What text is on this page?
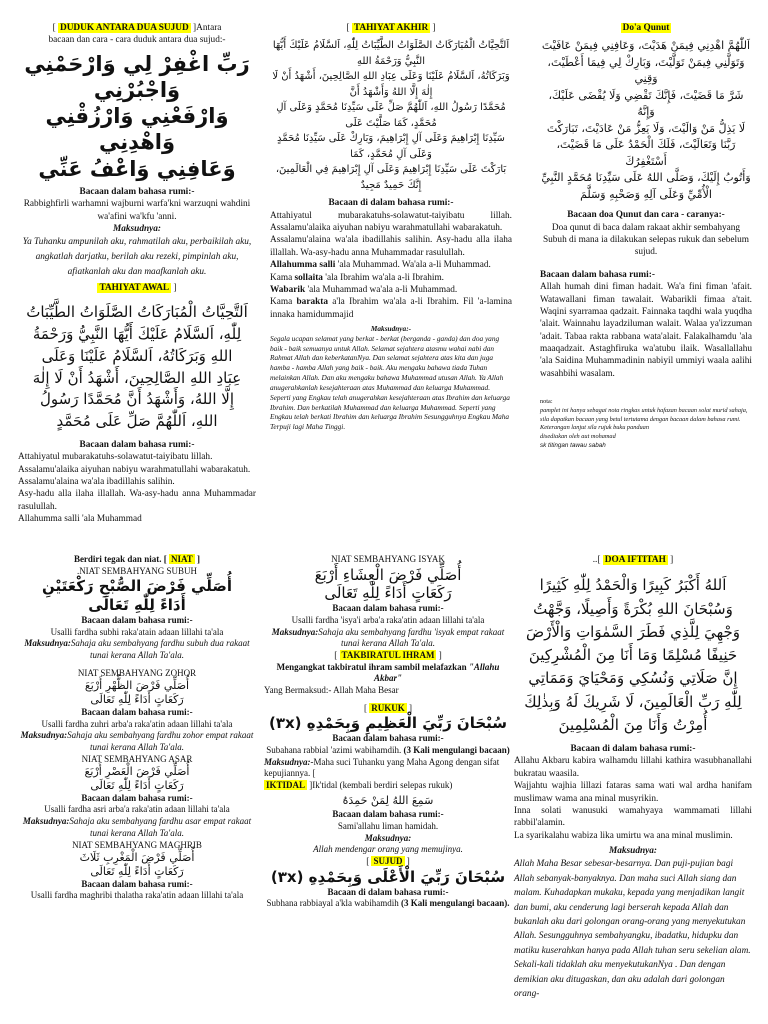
[ DUDUK ANTARA DUA SUJUD ]Antara

bacaan dan cara - cara duduk antara dua sujud:-

رَبِّ اغْفِرْ لِي وَارْحَمْنِي وَاجْبُرْنِي

وَارْفَعْنِي وَارْزُقْنِي وَاهْدِنِي

وَعَافِنِي وَاعْفُ عَنِّي

Bacaan dalam bahasa rumi:-

Rabbighfirli warhamni wajburni warfa'kni warzuqni wahdini wa'afini wa'kfu 'anni.

Maksudnya:

Ya Tuhanku ampunilah aku, rahmatilah aku, perbaikilah aku, angkatlah darjatku, berilah aku rezeki, pimpinlah aku, afiatkanlah aku dan maafkanlah aku.

TAHIYAT AWAL ]

اَلتَّحِيَّاتُ الْمُبَارَكَاتُ الصَّلَوَاتُ الطَّيِّبَاتُ

لِلّٰهِ، اَلسَّلَامُ عَلَيْكَ أَيُّهَا النَّبِيُّ وَرَحْمَةُ

اللهِ وَبَرَكَاتُهُ، اَلسَّلَامُ عَلَيْنَا وَعَلَى

عِبَادِ اللهِ الصَّالِحِينَ، أَشْهَدُ أَنْ لَا إِلٰهَ

إِلَّا اللهُ، وَأَشْهَدُ أَنَّ مُحَمَّدًا رَسُولُ

اللهِ، اَللّٰهُمَّ صَلِّ عَلَى مُحَمَّدٍ

Bacaan dalam bahasa rumi:-

Attahiyatul mubarakatuhs-solawatut-taiyibatu lillah.

Assalamu'alaika aiyuhan nabiyu warahmatullahi wabarakatuh.

Assalamu'alaina wa'ala ibadillahis salihin.

Asy-hadu alla ilaha illallah. Wa-asy-hadu anna Muhammadar rasulullah.

Allahumma salli 'ala Muhammad

[ TAHIYAT AKHIR ]

اَلتَّحِيَّاتُ الْمُبَارَكَاتُ الصَّلَوَاتُ الطَّيِّبَاتُ لِلّٰهِ، اَلسَّلَامُ عَلَيْكَ أَيُّهَا النَّبِيُّ وَرَحْمَةُ اللهِ

وَبَرَكَاتُهُ، اَلسَّلَامُ عَلَيْنَا وَعَلَى عِبَادِ اللهِ الصَّالِحِينَ، أَشْهَدُ أَنْ لَا إِلٰهَ إِلَّا اللهُ وَأَشْهَدُ أَنَّ

مُحَمَّدًا رَسُولُ اللهِ، اَللّٰهُمَّ صَلِّ عَلَى سَيِّدِنَا مُحَمَّدٍ وَعَلَى آلِ مُحَمَّدٍ، كَمَا صَلَّيْتَ عَلَى

سَيِّدِنَا إِبْرَاهِيمَ وَعَلَى آلِ إِبْرَاهِيمَ، وَبَارِكْ عَلَى سَيِّدِنَا مُحَمَّدٍ وَعَلَى آلِ مُحَمَّدٍ، كَمَا

بَارَكْتَ عَلَى سَيِّدِنَا إِبْرَاهِيمَ وَعَلَى آلِ إِبْرَاهِيمَ فِي الْعَالَمِينَ، إِنَّكَ حَمِيدٌ مَجِيدٌ

Bacaan di dalam bahasa rumi:-

Attahiyatul mubarakatuhs-solawatut-taiyibatu lillah. Assalamu'alaika aiyuhan nabiyu warahmatullahi wabarakatuh.

Assalamu'alaina wa'ala ibadillahis salihin. Asy-hadu alla ilaha illallah. Wa-asy-hadu anna Muhammadar rasulullah.

Allahumma salli 'ala Muhammad. Wa'ala a-li Muhammad.

Kama sollaita 'ala Ibrahim wa'ala a-li Ibrahim.

Wabarik 'ala Muhammad wa'ala a-li Muhammad.

Kama barakta a'la Ibrahim wa'ala a-li Ibrahim. Fil 'a-lamina innaka hamidummajid

Maksudnya:-

Segala ucapan selamat yang berkat - berkat (berganda - ganda) dan doa yang baik - baik semuanya untuk Allah. Selamat sejahtera atasmu wahai nabi dan Rahmat Allah dan keberkatanNya. Dan selamat sejahtera atas kita dan juga hamba - hamba Allah yang baik - baik. Aku mengaku bahawa tiada Tuhan melainkan Allah. Dan aku mengaku bahawa Muhammad utusan Allah. Ya Allah anugerahkanlah kesejahteraan atas Muhammad dan keluarga Muhammad. Seperti yang Engkau telah anugerahkan kesejahteraan atas Ibrahim dan keluarga Ibrahim. Dan berkatilah Muhammad dan keluarga Muhammad. Seperti yang Engkau telah berkati Ibrahim dan keluarga Ibrahim Sesungguhnya Engkau Maha Terpuji lagi Maha Tinggi.

Do'a Qunut

اَللّٰهُمَّ اهْدِنِي فِيمَنْ هَدَيْتَ، وَعَافِنِي فِيمَنْ عَافَيْتَ

وَتَوَلَّنِي فِيمَنْ تَوَلَّيْتَ، وَبَارِكْ لِي فِيمَا أَعْطَيْتَ، وَقِنِي

شَرَّ مَا قَضَيْتَ، فَإِنَّكَ تَقْضِي وَلَا يُقْضَى عَلَيْكَ، وَإِنَّهُ

لَا يَذِلُّ مَنْ وَالَيْتَ، وَلَا يَعِزُّ مَنْ عَادَيْتَ، تَبَارَكْتَ

رَبَّنَا وَتَعَالَيْتَ، فَلَكَ الْحَمْدُ عَلَى مَا قَضَيْتَ، أَسْتَغْفِرُكَ

وَأَتُوبُ إِلَيْكَ، وَصَلَّى اللهُ عَلَى سَيِّدِنَا مُحَمَّدٍ النَّبِيِّ

الْأُمِّيِّ وَعَلَى آلِهِ وَصَحْبِهِ وَسَلَّمَ

Bacaan doa Qunut dan cara - caranya:-

Doa qunut di baca dalam rakaat akhir sembahyang Subuh di mana ia dilakukan selepas rukuk dan sebelum sujud.

Bacaan dalam bahasa rumi:-

Allah humah dini fiman hadait. Wa'a fini fiman 'afait. Watawallani fiman tawalait. Wabarikli fimaa a'tait. Waqini syarramaa qadzait. Fainnaka taqdhi wala yuqdha 'alait. Wainnahu layadziluman walait. Walaa ya'izzuman 'adait. Tabaa rakta rabbana wata'alait. Falakalhamdu 'ala maaqadzait. Astaghfiruka wa'atubu ilaik. Wasallallahu 'ala Saidina Muhammadinin nabiyil ummiyi waala aalihi wasahbihi wasalam.

nota:

pamplet ini hanya sebagai nota ringkas untuk hafazan bacaan solat murid sahaja, sila dapatkan bacaan yang betul tertutama dengan bacaan dalam bahasa rumi. Keterangan lanjut sila rujuk buku panduan

disediakan oleh aut mohamad

sk titingan tawau sabah

Berdiri tegak dan niat. [ NIAT ]

.NIAT SEMBAHYANG SUBUH

أُصَلِّي فَرْضَ الصُّبْحِ رَكْعَتَيْنِ

أَدَاءً لِلّٰهِ تَعَالَى

Bacaan dalam bahasa rumi:-

Usalli fardha subhi raka'atain adaan lillahi ta'ala

Maksudnya:Sahaja aku sembahyang fardhu subuh dua rakaat tunai kerana Allah Ta'ala.

NIAT SEMBAHYANG ZOHOR

أُصَلِّي فَرْضَ الظُّهْرِ أَرْبَعَ

رَكَعَاتٍ أَدَاءً لِلّٰهِ تَعَالَى

Bacaan dalam bahasa rumi:-

Usalli fardha zuhri arba'a raka'atin adaan lillahi ta'ala

Maksudnya:Sahaja aku sembahyang fardhu zohor empat rakaat tunai kerana Allah Ta'ala.

NIAT SEMBAHYANG ASAR

أُصَلِّي فَرْضَ الْعَصْرِ أَرْبَعَ

رَكَعَاتٍ أَدَاءً لِلّٰهِ تَعَالَى

Bacaan dalam bahasa rumi:-

Usalli fardha asri arba'a raka'atin adaan lillahi ta'ala

Maksudnya:Sahaja aku sembahyang fardhu asar empat rakaat tunai kerana Allah Ta'ala.

NIAT SEMBAHYANG MAGHRIB

أُصَلِّي فَرْضَ الْمَغْرِبِ ثَلَاثَ

رَكَعَاتٍ أَدَاءً لِلّٰهِ تَعَالَى

Bacaan dalam bahasa rumi:-

Usalli fardha maghribi thalatha raka'atin adaan lillahi ta'ala

NIAT SEMBAHYANG ISYAK

أُصَلِّي فَرْضَ الْعِشَاءِ أَرْبَعَ

رَكَعَاتٍ أَدَاءً لِلّٰهِ تَعَالَى

Bacaan dalam bahasa rumi:-

Usalli fardha 'isya'i arba'a raka'atin adaan lillahi ta'ala

Maksudnya:Sahaja aku sembahyang fardhu 'isyak empat rakaat tunai kerana Allah Ta'ala.

[ TAKBIRATUL IHRAM ]

Mengangkat takbiratul ihram sambil melafazkan "Allahu Akbar"

Yang Bermaksud:- Allah Maha Besar

[ RUKUK ]

سُبْحَانَ رَبِّيَ الْعَظِيمِ وَبِحَمْدِهِ (٣x)

Bacaan dalam bahasa rumi:-

Subahana rabbial 'azimi wabihamdih. (3 Kali mengulangi bacaan)

Maksudnya:-Maha suci Tuhanku yang Maha Agong dengan sifat kepujiannya. [

IKTIDAL ]Ik'tidal (kembali berdiri selepas rukuk)

سَمِعَ اللهُ لِمَنْ حَمِدَهُ

Bacaan dalam bahasa rumi:-

Sami'allahu liman hamidah.

Maksudnya:

Allah mendengar orang yang memujinya.

[ SUJUD ]

سُبْحَانَ رَبِّيَ الْأَعْلَى وَبِحَمْدِهِ (٣x)

Bacaan di dalam bahasa rumi:-

Subhana rabbiayal a'kla wabihamdih (3 Kali mengulangi bacaan).

..[ DOA IFTITAH ]

اَللهُ أَكْبَرُ كَبِيرًا وَالْحَمْدُ لِلّٰهِ كَثِيرًا

وَسُبْحَانَ اللهِ بُكْرَةً وَأَصِيلًا، وَجَّهْتُ

وَجْهِيَ لِلَّذِي فَطَرَ السَّمٰوَاتِ وَالْأَرْضَ

حَنِيفًا مُسْلِمًا وَمَا أَنَا مِنَ الْمُشْرِكِينَ

إِنَّ صَلَاتِي وَنُسُكِي وَمَحْيَايَ وَمَمَاتِي

لِلّٰهِ رَبِّ الْعَالَمِينَ، لَا شَرِيكَ لَهُ وَبِذٰلِكَ

أُمِرْتُ وَأَنَا مِنَ الْمُسْلِمِينَ

Bacaan di dalam bahasa rumi:-

Allahu Akbaru kabira walhamdu lillahi kathira wasubhanallahi bukratau waasila.

Wajjahtu wajhia lillazi fataras sama wati wal ardha hanifam muslimaw wama ana minal musyrikin.

Inna solati wanusuki wamahyaya wammamati lillahi rabbil'alamin.

La syarikalahu wabiza lika umirtu wa ana minal muslimin.

Maksudnya:

Allah Maha Besar sebesar-besarnya. Dan puji-pujian bagi Allah sebanyak-banyaknya. Dan maha suci Allah siang dan malam. Kuhadapkan mukaku, kepada yang menjadikan langit dan bumi, aku cenderung lagi berserah kepada Allah dan bukanlah aku dari golongan orang-orang yang menyekutukan Allah. Sesungguhnya sembahyangku, ibadatku, hidupku dan matiku kuserahkan hanya pada Allah tuhan seru sekelian alam. Sekali-kali tidaklah aku menyekutukanNya . Dan dengan demikian aku ditugaskan, dan aku adalah dari golongan orang-
